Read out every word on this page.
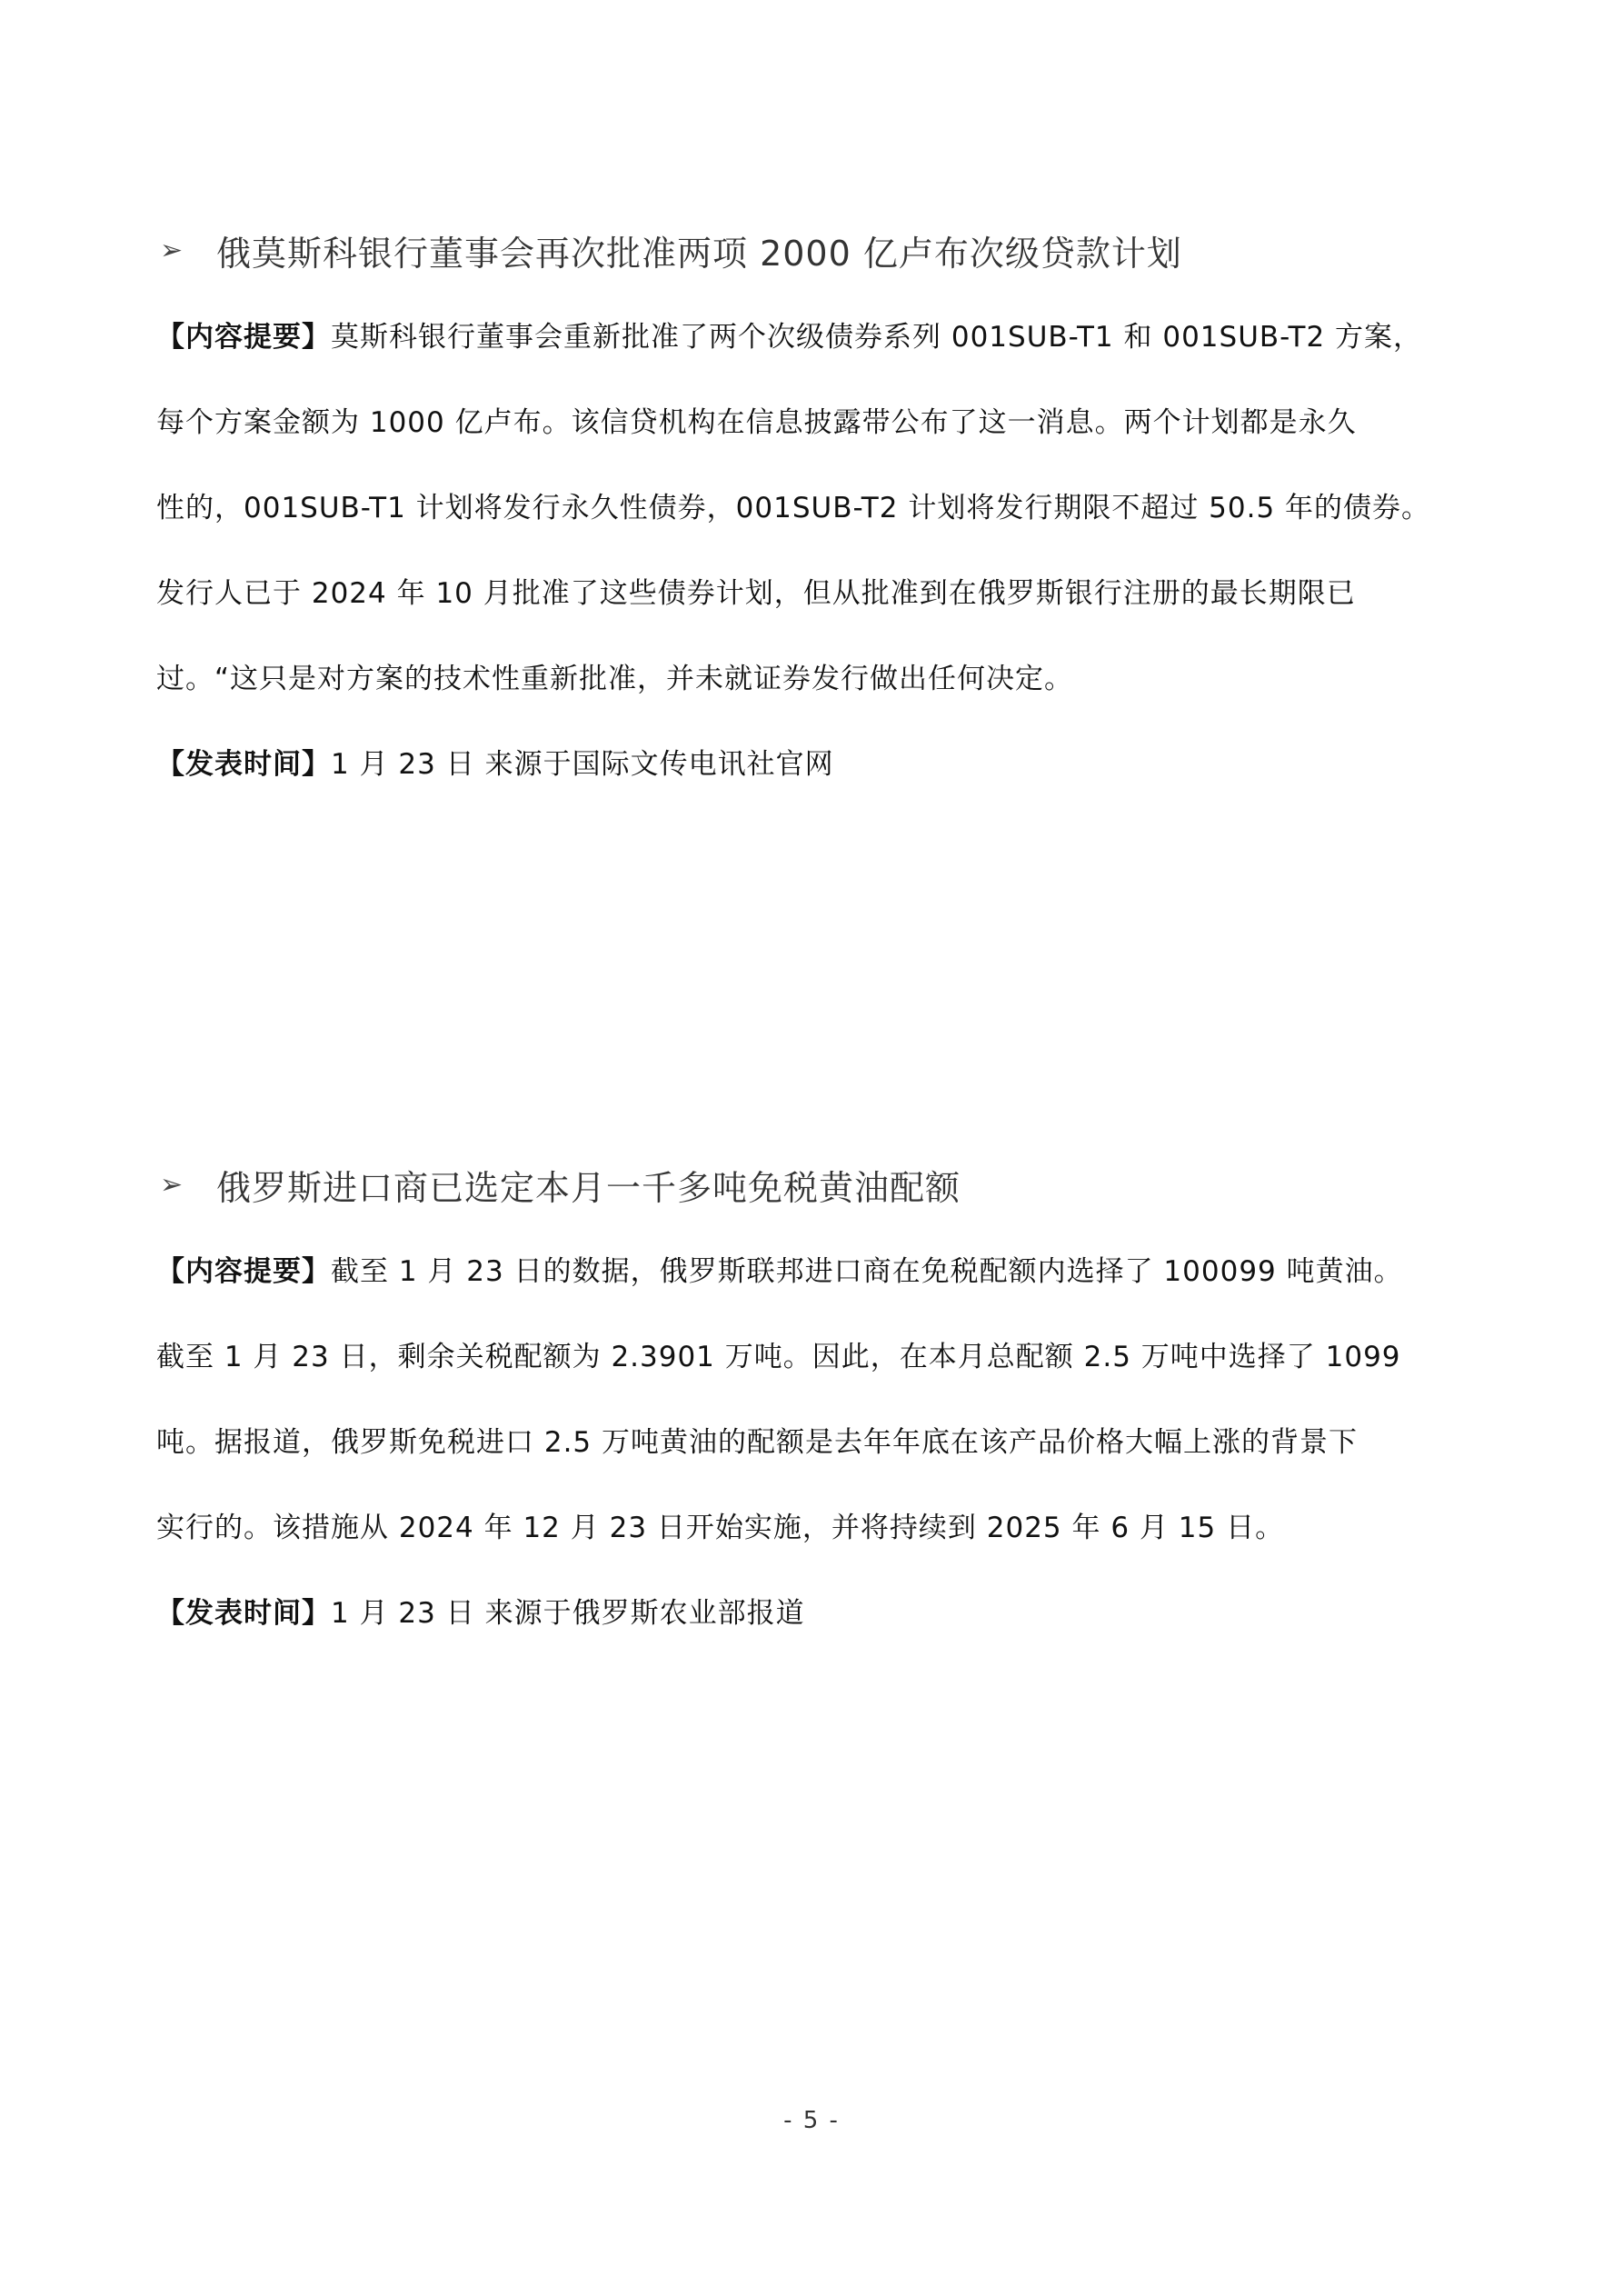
➢ 俄莫斯科银行董事会再次批准两项 2000 亿卢布次级贷款计划
【内容提要】莫斯科银行董事会重新批准了两个次级债券系列 001SUB-T1 和 001SUB-T2 方案，
每个方案金额为 1000 亿卢布。该信贷机构在信息披露带公布了这一消息。两个计划都是永久
性的，001SUB-T1 计划将发行永久性债券，001SUB-T2 计划将发行期限不超过 50.5 年的债券。
发行人已于 2024 年 10 月批准了这些债券计划，但从批准到在俄罗斯银行注册的最长期限已
过。“这只是对方案的技术性重新批准，并未就证券发行做出任何决定。
【发表时间】1 月 23 日 来源于国际文传电讯社官网
➢ 俄罗斯进口商已选定本月一千多吨免税黄油配额
【内容提要】截至 1 月 23 日的数据，俄罗斯联邦进口商在免税配额内选择了 100099 吨黄油。
截至 1 月 23 日，剩余关税配额为 2.3901 万吨。因此，在本月总配额 2.5 万吨中选择了 1099
吨。据报道，俄罗斯免税进口 2.5 万吨黄油的配额是去年年底在该产品价格大幅上涨的背景下
实行的。该措施从 2024 年 12 月 23 日开始实施，并将持续到 2025 年 6 月 15 日。
【发表时间】1 月 23 日 来源于俄罗斯农业部报道
- 5 -
